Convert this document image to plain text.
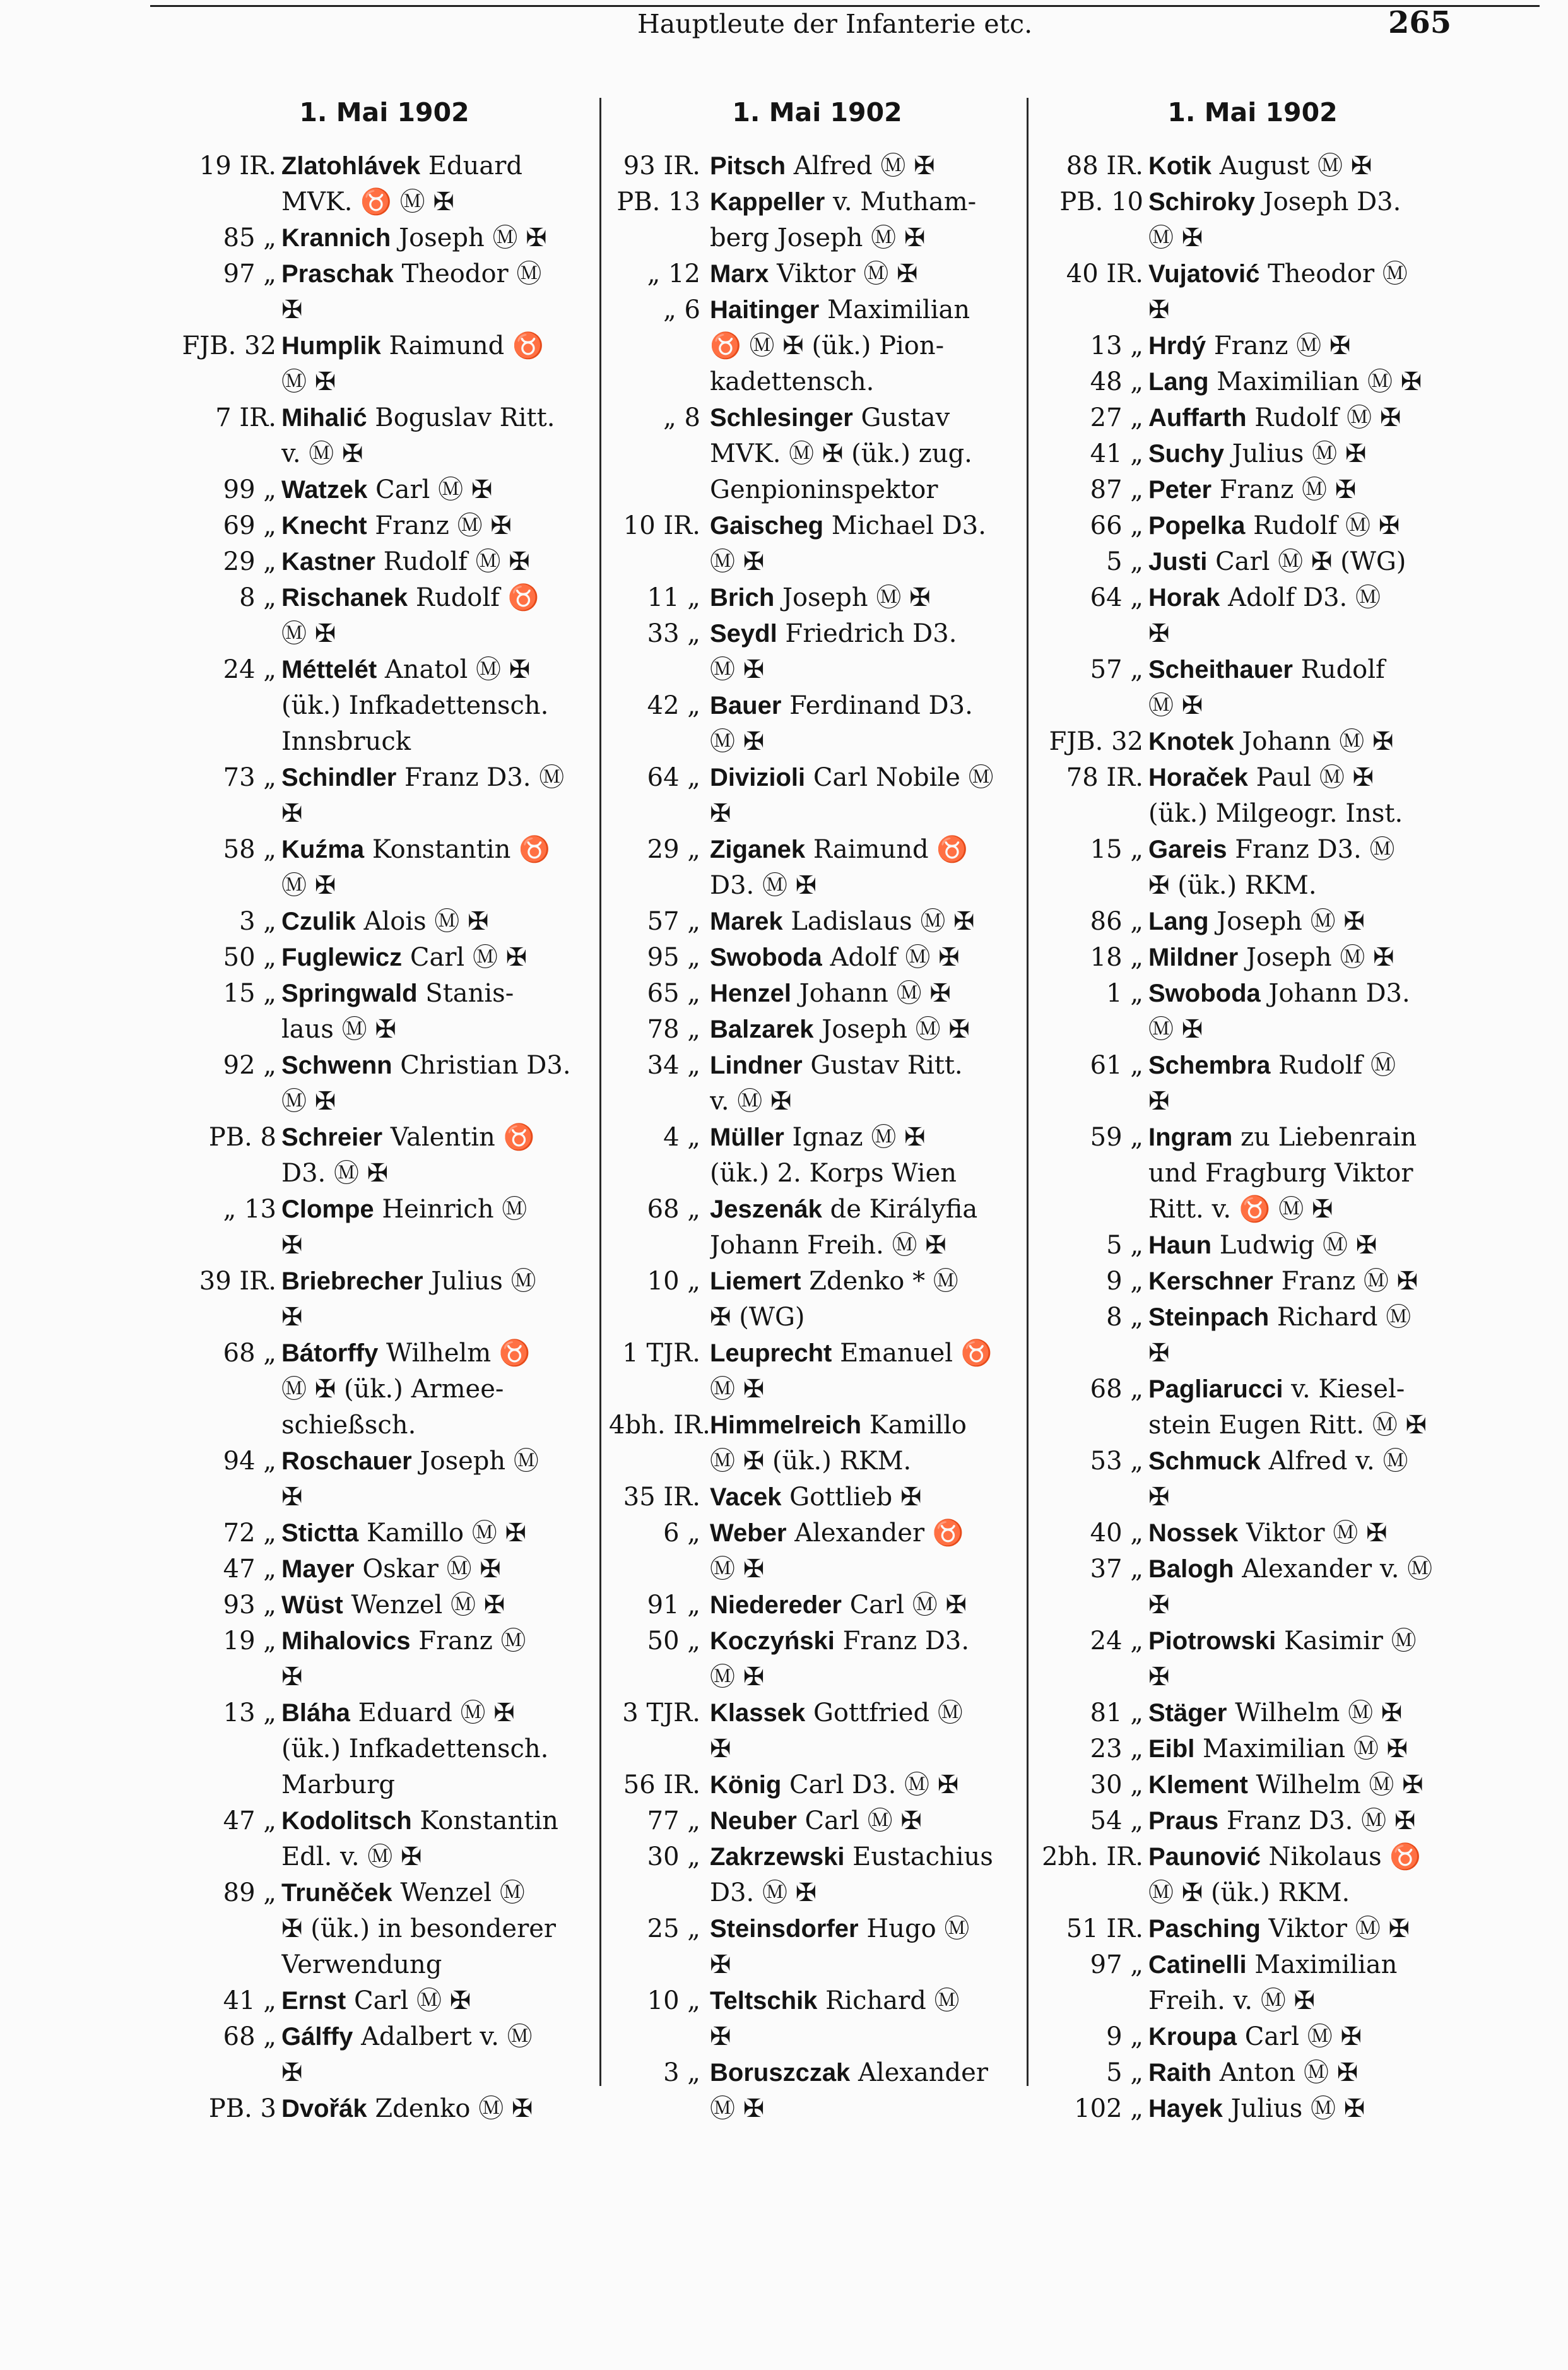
Hauptleute der Infanterie etc.	265
1. Mai 1902
19 IR. Zlatohlávek Eduard
MVK. ♉ Ⓜ ✠
85 „ Krannich Joseph Ⓜ ✠
97 „ Praschak Theodor Ⓜ
✠
FJB. 32 Humplik Raimund ♉
Ⓜ ✠
7 IR. Mihalić Boguslav Ritt.
v. Ⓜ ✠
99 „ Watzek Carl Ⓜ ✠
69 „ Knecht Franz Ⓜ ✠
29 „ Kastner Rudolf Ⓜ ✠
8 „ Rischanek Rudolf ♉
Ⓜ ✠
24 „ Méttelét Anatol Ⓜ ✠
(ük.) Infkadettensch.
Innsbruck
73 „ Schindler Franz D3. Ⓜ
✠
58 „ Kuźma Konstantin ♉
Ⓜ ✠
3 „ Czulik Alois Ⓜ ✠
50 „ Fuglewicz Carl Ⓜ ✠
15 „ Springwald Stanis-
laus Ⓜ ✠
92 „ Schwenn Christian D3.
Ⓜ ✠
PB. 8 Schreier Valentin ♉
D3. Ⓜ ✠
„ 13 Clompe Heinrich Ⓜ
✠
39 IR. Briebrecher Julius Ⓜ
✠
68 „ Bátorffy Wilhelm ♉
Ⓜ ✠ (ük.) Armee-
schießsch.
94 „ Roschauer Joseph Ⓜ
✠
72 „ Stictta Kamillo Ⓜ ✠
47 „ Mayer Oskar Ⓜ ✠
93 „ Wüst Wenzel Ⓜ ✠
19 „ Mihalovics Franz Ⓜ
✠
13 „ Bláha Eduard Ⓜ ✠
(ük.) Infkadettensch.
Marburg
47 „ Kodolitsch Konstantin
Edl. v. Ⓜ ✠
89 „ Truněček Wenzel Ⓜ
✠ (ük.) in besonderer
Verwendung
41 „ Ernst Carl Ⓜ ✠
68 „ Gálffy Adalbert v. Ⓜ
✠
PB. 3 Dvořák Zdenko Ⓜ ✠
1. Mai 1902
93 IR. Pitsch Alfred Ⓜ ✠
PB. 13 Kappeller v. Mutham-
berg Joseph Ⓜ ✠
„ 12 Marx Viktor Ⓜ ✠
„ 6 Haitinger Maximilian
♉ Ⓜ ✠ (ük.) Pion-
kadettensch.
„ 8 Schlesinger Gustav
MVK. Ⓜ ✠ (ük.) zug.
Genpioninspektor
10 IR. Gaischeg Michael D3.
Ⓜ ✠
11 „ Brich Joseph Ⓜ ✠
33 „ Seydl Friedrich D3.
Ⓜ ✠
42 „ Bauer Ferdinand D3.
Ⓜ ✠
64 „ Divizioli Carl Nobile Ⓜ
✠
29 „ Ziganek Raimund ♉
D3. Ⓜ ✠
57 „ Marek Ladislaus Ⓜ ✠
95 „ Swoboda Adolf Ⓜ ✠
65 „ Henzel Johann Ⓜ ✠
78 „ Balzarek Joseph Ⓜ ✠
34 „ Lindner Gustav Ritt.
v. Ⓜ ✠
4 „ Müller Ignaz Ⓜ ✠
(ük.) 2. Korps Wien
68 „ Jeszenák de Királyfia
Johann Freih. Ⓜ ✠
10 „ Liemert Zdenko * Ⓜ
✠ (WG)
1 TJR. Leuprecht Emanuel ♉
Ⓜ ✠
4bh. IR. Himmelreich Kamillo
Ⓜ ✠ (ük.) RKM.
35 IR. Vacek Gottlieb ✠
6 „ Weber Alexander ♉
Ⓜ ✠
91 „ Niedereder Carl Ⓜ ✠
50 „ Koczyński Franz D3.
Ⓜ ✠
3 TJR. Klassek Gottfried Ⓜ
✠
56 IR. König Carl D3. Ⓜ ✠
77 „ Neuber Carl Ⓜ ✠
30 „ Zakrzewski Eustachius
D3. Ⓜ ✠
25 „ Steinsdorfer Hugo Ⓜ
✠
10 „ Teltschik Richard Ⓜ
✠
3 „ Boruszczak Alexander
Ⓜ ✠
1. Mai 1902
88 IR. Kotik August Ⓜ ✠
PB. 10 Schiroky Joseph D3.
Ⓜ ✠
40 IR. Vujatović Theodor Ⓜ
✠
13 „ Hrdý Franz Ⓜ ✠
48 „ Lang Maximilian Ⓜ ✠
27 „ Auffarth Rudolf Ⓜ ✠
41 „ Suchy Julius Ⓜ ✠
87 „ Peter Franz Ⓜ ✠
66 „ Popelka Rudolf Ⓜ ✠
5 „ Justi Carl Ⓜ ✠ (WG)
64 „ Horak Adolf D3. Ⓜ
✠
57 „ Scheithauer Rudolf
Ⓜ ✠
FJB. 32 Knotek Johann Ⓜ ✠
78 IR. Horaček Paul Ⓜ ✠
(ük.) Milgeogr. Inst.
15 „ Gareis Franz D3. Ⓜ
✠ (ük.) RKM.
86 „ Lang Joseph Ⓜ ✠
18 „ Mildner Joseph Ⓜ ✠
1 „ Swoboda Johann D3.
Ⓜ ✠
61 „ Schembra Rudolf Ⓜ
✠
59 „ Ingram zu Liebenrain
und Fragburg Viktor
Ritt. v. ♉ Ⓜ ✠
5 „ Haun Ludwig Ⓜ ✠
9 „ Kerschner Franz Ⓜ ✠
8 „ Steinpach Richard Ⓜ
✠
68 „ Pagliarucci v. Kiesel-
stein Eugen Ritt. Ⓜ ✠
53 „ Schmuck Alfred v. Ⓜ
✠
40 „ Nossek Viktor Ⓜ ✠
37 „ Balogh Alexander v. Ⓜ
✠
24 „ Piotrowski Kasimir Ⓜ
✠
81 „ Stäger Wilhelm Ⓜ ✠
23 „ Eibl Maximilian Ⓜ ✠
30 „ Klement Wilhelm Ⓜ ✠
54 „ Praus Franz D3. Ⓜ ✠
2bh. IR. Paunović Nikolaus ♉
Ⓜ ✠ (ük.) RKM.
51 IR. Pasching Viktor Ⓜ ✠
97 „ Catinelli Maximilian
Freih. v. Ⓜ ✠
9 „ Kroupa Carl Ⓜ ✠
5 „ Raith Anton Ⓜ ✠
102 „ Hayek Julius Ⓜ ✠
